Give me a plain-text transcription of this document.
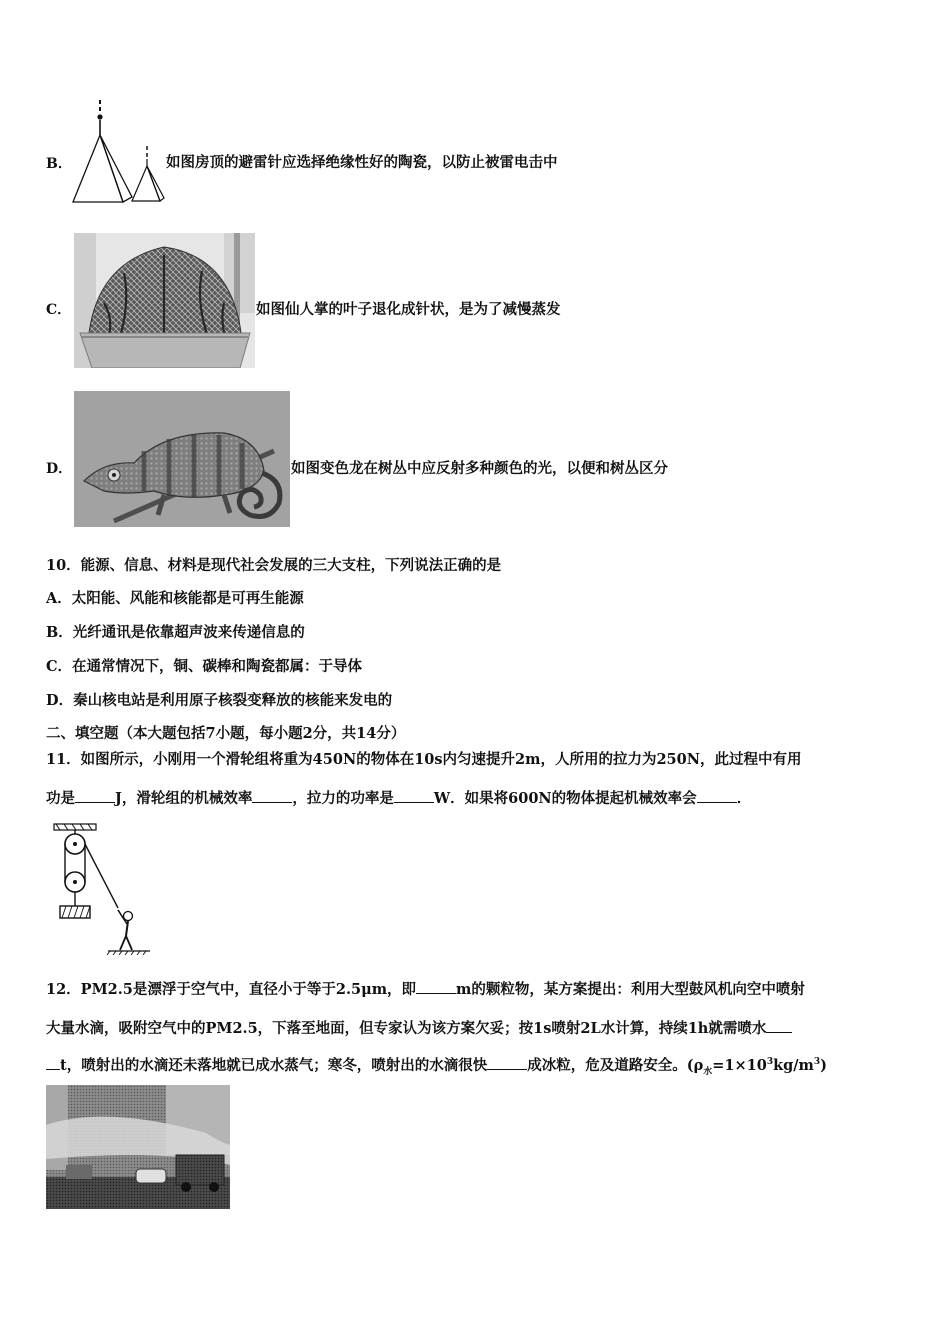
B．	如图房顶的避雷针应选择绝缘性好的陶瓷，以防止被雷电击中
C．	如图仙人掌的叶子退化成针状，是为了减慢蒸发
D．	如图变色龙在树丛中应反射多种颜色的光，以便和树丛区分
10．能源、信息、材料是现代社会发展的三大支柱，下列说法正确的是
A．太阳能、风能和核能都是可再生能源
B．光纤通讯是依靠超声波来传递信息的
C．在通常情况下，铜、碳棒和陶瓷都属：于导体
D．秦山核电站是利用原子核裂变释放的核能来发电的
二、填空题（本大题包括7小题，每小题2分，共14分）
11．如图所示，小刚用一个滑轮组将重为450N的物体在10s内匀速提升2m，人所用的拉力为250N，此过程中有用
功是	J，滑轮组的机械效率	，拉力的功率是	W．如果将600N的物体提起机械效率会	．
12．PM2.5是漂浮于空气中，直径小于等于2.5μm，即	m的颗粒物，某方案提出：利用大型鼓风机向空中喷射
大量水滴，吸附空气中的PM2.5，下落至地面，但专家认为该方案欠妥；按1s喷射2L水计算，持续1h就需喷水
t，喷射出的水滴还未落地就已成水蒸气；寒冬，喷射出的水滴很快	成冰粒，危及道路安全。$(\rho_水=1\times 10^3kg/m^3)$
